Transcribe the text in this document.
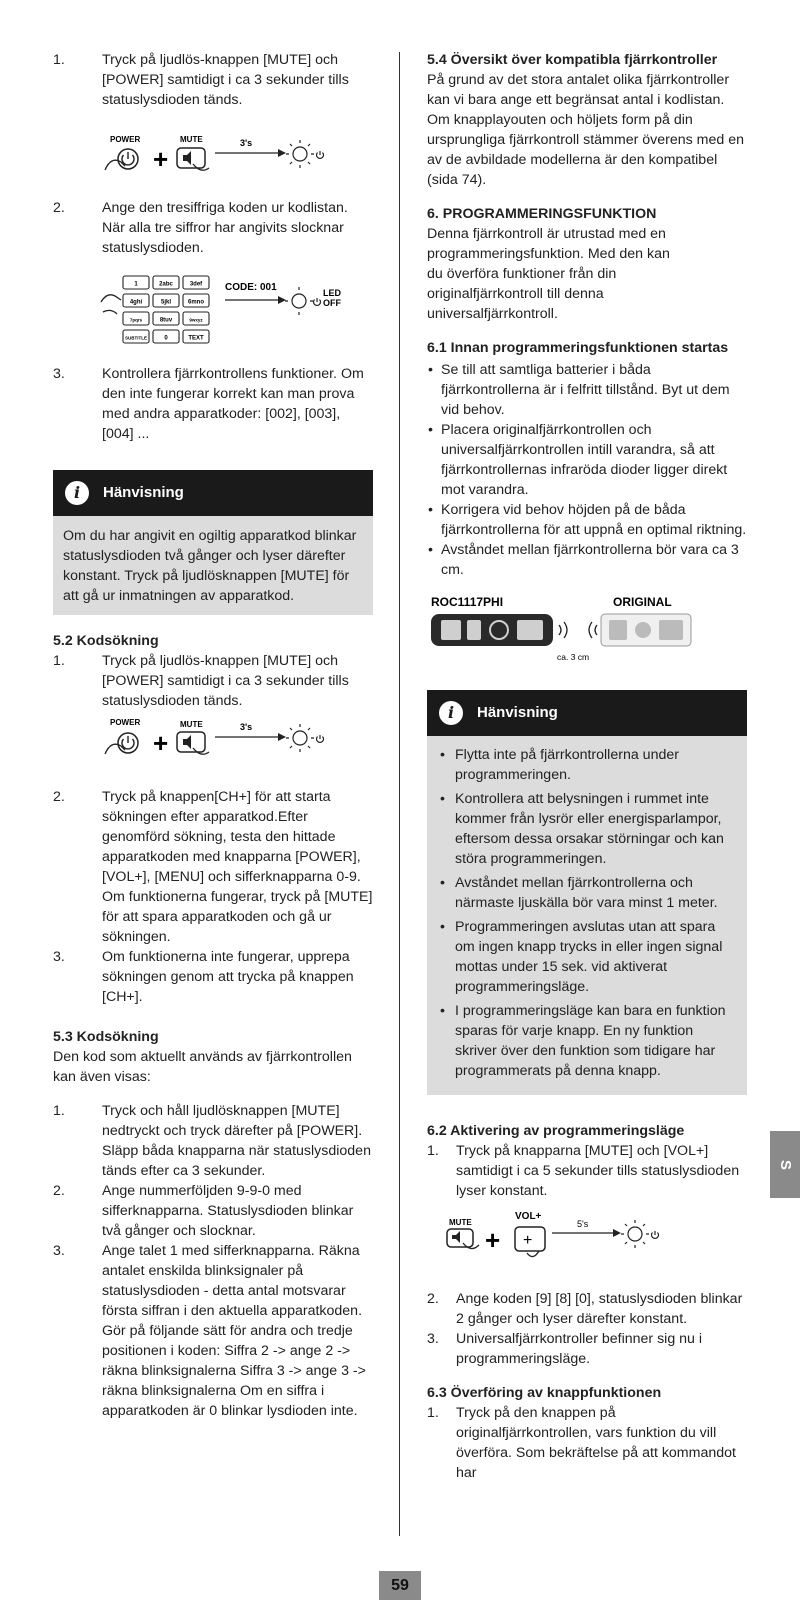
1.	Tryck på ljudlös-knappen [MUTE] och [POWER] samtidigt i ca 3 sekunder tills statuslysdioden tänds.
POWER
+
MUTE	3's
2.	Ange den tresiffriga koden ur kodlistan. När alla tre siffror har angivits slocknar statuslysdioden.
1	2abc	3def
4ghi	5jkl	6mno
7pqrs	8tuv	9wxyz
SUBTITLE	0	TEXT
CODE: 001	LED OFF
3.	Kontrollera fjärrkontrollens funktioner. Om den inte fungerar korrekt kan man prova med andra apparatkoder: [002], [003], [004] ...
i	Hänvisning

Om du har angivit en ogiltig apparatkod blinkar statuslysdioden två gånger och lyser därefter konstant. Tryck på ljudlösknappen [MUTE] för att gå ur inmatningen av apparatkod.

5.2 Kodsökning
1.	Tryck på ljudlös-knappen [MUTE] och [POWER] samtidigt i ca 3 sekunder tills statuslysdioden tänds.
POWER
+
MUTE	3's
2.	Tryck på knappen[CH+] för att starta sökningen efter apparatkod.Efter genomförd sökning, testa den hittade apparatkoden med knapparna [POWER], [VOL+], [MENU] och sifferknapparna 0-9. Om funktionerna fungerar, tryck på [MUTE] för att spara apparatkoden och gå ur sökningen.
3.	Om funktionerna inte fungerar, upprepa sökningen genom att trycka på knappen [CH+].
5.3 Kodsökning

Den kod som aktuellt används av fjärrkontrollen kan även visas:

1.	Tryck och håll ljudlösknappen [MUTE] nedtryckt och tryck därefter på [POWER]. Släpp båda knapparna när statuslysdioden tänds efter ca 3 sekunder.
2.	Ange nummerföljden 9-9-0 med sifferknapparna. Statuslysdioden blinkar två gånger och slocknar.
3.	Ange talet 1 med sifferknapparna. Räkna antalet enskilda blinksignaler på statuslysdioden - detta antal motsvarar första siffran i den aktuella apparatkoden. Gör på följande sätt för andra och tredje positionen i koden: Siffra 2 -> ange 2 -> räkna blinksignalerna Siffra 3 -> ange 3 -> räkna blinksignalerna Om en siffra i apparatkoden är 0 blinkar lysdioden inte.
5.4 Översikt över kompatibla fjärrkontroller

På grund av det stora antalet olika fjärrkontroller kan vi bara ange ett begränsat antal i kodlistan. Om knapplayouten och höljets form på din ursprungliga fjärrkontroll stämmer överens med en av de avbildade modellerna är den kompatibel (sida 74).

6. PROGRAMMERINGSFUNKTION

Denna fjärrkontroll är utrustad med en programmeringsfunktion. Med den kan du överföra funktioner från din originalfjärrkontroll till denna universalfjärrkontroll.

6.1 Innan programmeringsfunktionen startas
• Se till att samtliga batterier i båda fjärrkontrollerna är i felfritt tillstånd. Byt ut dem vid behov.
• Placera originalfjärrkontrollen och universalfjärrkontrollen intill varandra, så att fjärrkontrollernas infraröda dioder ligger direkt mot varandra.
• Korrigera vid behov höjden på de båda fjärrkontrollerna för att uppnå en optimal riktning.
• Avståndet mellan fjärrkontrollerna bör vara ca 3 cm.
ROC1117PHI	ORIGINAL
ca. 3 cm
i	Hänvisning
• Flytta inte på fjärrkontrollerna under programmeringen.
• Kontrollera att belysningen i rummet inte kommer från lysrör eller energisparlampor, eftersom dessa orsakar störningar och kan störa programmeringen.
• Avståndet mellan fjärrkontrollerna och närmaste ljuskälla bör vara minst 1 meter.
• Programmeringen avslutas utan att spara om ingen knapp trycks in eller ingen signal mottas under 15 sek. vid aktiverat programmeringsläge.
• I programmeringsläge kan bara en funktion sparas för varje knapp. En ny funktion skriver över den funktion som tidigare har programmerats på denna knapp.
6.2 Aktivering av programmeringsläge
1. Tryck på knapparna [MUTE] och [VOL+] samtidigt i ca 5 sekunder tills statuslysdioden lyser konstant.
MUTE
+
VOL+
+
5's
2. Ange koden [9] [8] [0], statuslysdioden blinkar 2 gånger och lyser därefter konstant.
3. Universalfjärrkontroller befinner sig nu i programmeringsläge.
6.3 Överföring av knappfunktionen
1. Tryck på den knappen på originalfjärrkontrollen, vars funktion du vill överföra. Som bekräftelse på att kommandot har
S
59
